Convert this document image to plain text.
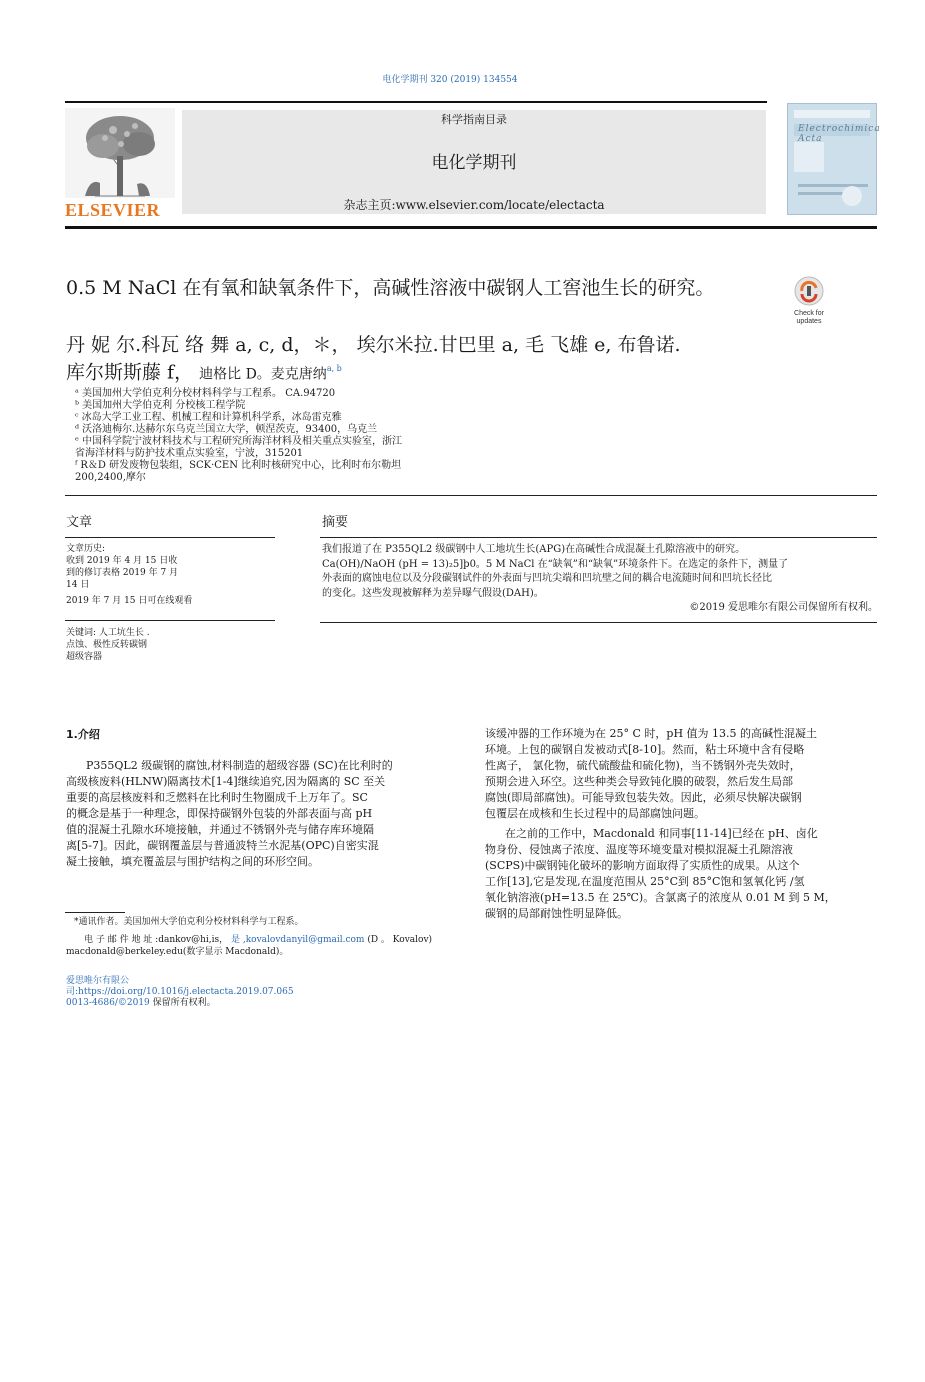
电化学期刊 320 (2019) 134554
ELSEVIER
科学指南目录
电化学期刊
杂志主页:www.elsevier.com/locate/electacta
Electrochimica Acta
0.5 M NaCl 在有氧和缺氧条件下，高碱性溶液中碳钢人工窖池生长的研究。
Check for updates
丹 妮 尔.科瓦 络 舞 a, c, d，＊， 埃尔米拉.甘巴里 a, 毛 飞雄 e, 布鲁诺.
库尔斯斯藤 f， 迪格比 D。麦克唐纳$^{a, b}$
ᵃ 美国加州大学伯克利分校材料科学与工程系。 CA.94720
ᵇ 美国加州大学伯克利 分校核工程学院
ᶜ 冰岛大学工业工程、机械工程和计算机科学系，冰岛雷克雅
ᵈ 沃洛迪梅尔.达赫尔东乌克兰国立大学，顿涅茨克，93400，乌克兰
ᵉ 中国科学院宁波材料技术与工程研究所海洋材料及相关重点实验室，浙江
省海洋材料与防护技术重点实验室，宁波，315201
ᶠ R＆D 研发废物包装组，SCK·CEN 比利时核研究中心，比利时布尔勒坦
200,2400,摩尔
文章
文章历史:
收到 2019 年 4 月 15 日收
到的修订表格 2019 年 7 月
14 日
2019 年 7 月 15 日可在线观看
关键词: 人工坑生长 .
点蚀、极性反转碳钢
超级容器
摘要
我们报道了在 P355QL2 级碳钢中人工地坑生长(APG)在高碱性合成混凝土孔隙溶液中的研究。
Ca(OH)/NaOH (pH = 13)₂5]þ0。5 M NaCl 在“缺氧”和“缺氧”环境条件下。在选定的条件下，测量了
外表面的腐蚀电位以及分段碳钢试件的外表面与凹坑尖端和凹坑壁之间的耦合电流随时间和凹坑长径比
的变化。这些发现被解释为差异曝气假设(DAH)。
©2019 爱思唯尔有限公司保留所有权利。
1.介绍
P355QL2 级碳钢的腐蚀,材料制造的超级容器 (SC)在比利时的
高级核废料(HLNW)隔离技术[1-4]继续追究,因为隔离的 SC 至关
重要的高层核废料和乏燃料在比利时生物圈成千上万年了。SC
的概念是基于一种理念，即保持碳钢外包装的外部表面与高 pH
值的混凝土孔隙水环境接触，并通过不锈钢外壳与储存库环境隔
离[5-7]。因此，碳钢覆盖层与普通波特兰水泥基(OPC)自密实混
凝土接触，填充覆盖层与围护结构之间的环形空间。
该缓冲器的工作环境为在 25° C 时，pH 值为 13.5 的高碱性混凝土
环境。上包的碳钢自发被动式[8-10]。然而，粘土环境中含有侵略
性离子， 氯化物，硫代硫酸盐和硫化物)，当不锈钢外壳失效时，
预期会进入环空。这些种类会导致钝化膜的破裂，然后发生局部
腐蚀(即局部腐蚀)。可能导致包装失效。因此，必须尽快解决碳钢
包覆层在成核和生长过程中的局部腐蚀问题。
在之前的工作中，Macdonald 和同事[11-14]已经在 pH、卤化
物身份、侵蚀离子浓度、温度等环境变量对模拟混凝土孔隙溶液
(SCPS)中碳钢钝化破坏的影响方面取得了实质性的成果。从这个
工作[13],它是发现,在温度范围从 25°C到 85°C饱和氢氧化钙 /氢
氧化钠溶液(pH=13.5 在 25℃)。含氯离子的浓度从 0.01 M 到 5 M，
碳钢的局部耐蚀性明显降低。
*通讯作者。美国加州大学伯克利分校材料科学与工程系。
电 子 邮 件 地 址 :dankov@hi,is， 是 ,kovalovdanyil@gmail.com (D 。 Kovalov)
macdonald@berkeley.edu(数字显示 Macdonald)。
爱思唯尔有限公
司:https://doi.org/10.1016/j.electacta.2019.07.065
0013-4686/©2019 保留所有权利。
